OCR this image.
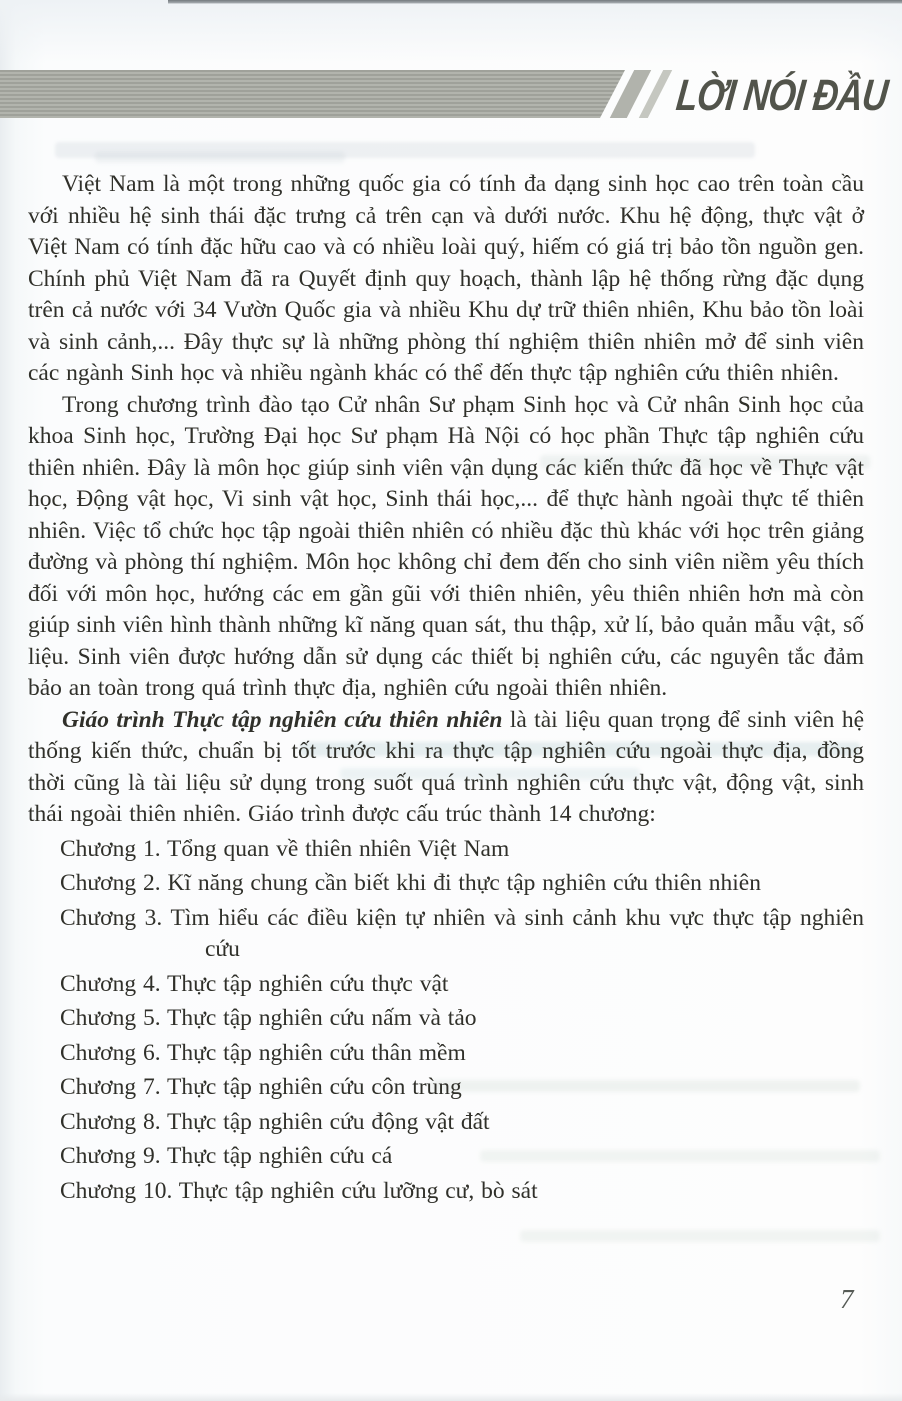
LỜI NÓI ĐẦU

Việt Nam là một trong những quốc gia có tính đa dạng sinh học cao trên toàn cầu với nhiều hệ sinh thái đặc trưng cả trên cạn và dưới nước. Khu hệ động, thực vật ở Việt Nam có tính đặc hữu cao và có nhiều loài quý, hiếm có giá trị bảo tồn nguồn gen. Chính phủ Việt Nam đã ra Quyết định quy hoạch, thành lập hệ thống rừng đặc dụng trên cả nước với 34 Vườn Quốc gia và nhiều Khu dự trữ thiên nhiên, Khu bảo tồn loài và sinh cảnh,... Đây thực sự là những phòng thí nghiệm thiên nhiên mở để sinh viên các ngành Sinh học và nhiều ngành khác có thể đến thực tập nghiên cứu thiên nhiên.

Trong chương trình đào tạo Cử nhân Sư phạm Sinh học và Cử nhân Sinh học của khoa Sinh học, Trường Đại học Sư phạm Hà Nội có học phần Thực tập nghiên cứu thiên nhiên. Đây là môn học giúp sinh viên vận dụng các kiến thức đã học về Thực vật học, Động vật học, Vi sinh vật học, Sinh thái học,... để thực hành ngoài thực tế thiên nhiên. Việc tổ chức học tập ngoài thiên nhiên có nhiều đặc thù khác với học trên giảng đường và phòng thí nghiệm. Môn học không chỉ đem đến cho sinh viên niềm yêu thích đối với môn học, hướng các em gần gũi với thiên nhiên, yêu thiên nhiên hơn mà còn giúp sinh viên hình thành những kĩ năng quan sát, thu thập, xử lí, bảo quản mẫu vật, số liệu. Sinh viên được hướng dẫn sử dụng các thiết bị nghiên cứu, các nguyên tắc đảm bảo an toàn trong quá trình thực địa, nghiên cứu ngoài thiên nhiên.

Giáo trình Thực tập nghiên cứu thiên nhiên là tài liệu quan trọng để sinh viên hệ thống kiến thức, chuẩn bị tốt trước khi ra thực tập nghiên cứu ngoài thực địa, đồng thời cũng là tài liệu sử dụng trong suốt quá trình nghiên cứu thực vật, động vật, sinh thái ngoài thiên nhiên. Giáo trình được cấu trúc thành 14 chương:

Chương 1. Tổng quan về thiên nhiên Việt Nam
Chương 2. Kĩ năng chung cần biết khi đi thực tập nghiên cứu thiên nhiên
Chương 3. Tìm hiểu các điều kiện tự nhiên và sinh cảnh khu vực thực tập nghiên cứu
Chương 4. Thực tập nghiên cứu thực vật
Chương 5. Thực tập nghiên cứu nấm và tảo
Chương 6. Thực tập nghiên cứu thân mềm
Chương 7. Thực tập nghiên cứu côn trùng
Chương 8. Thực tập nghiên cứu động vật đất
Chương 9. Thực tập nghiên cứu cá
Chương 10. Thực tập nghiên cứu lưỡng cư, bò sát
7
